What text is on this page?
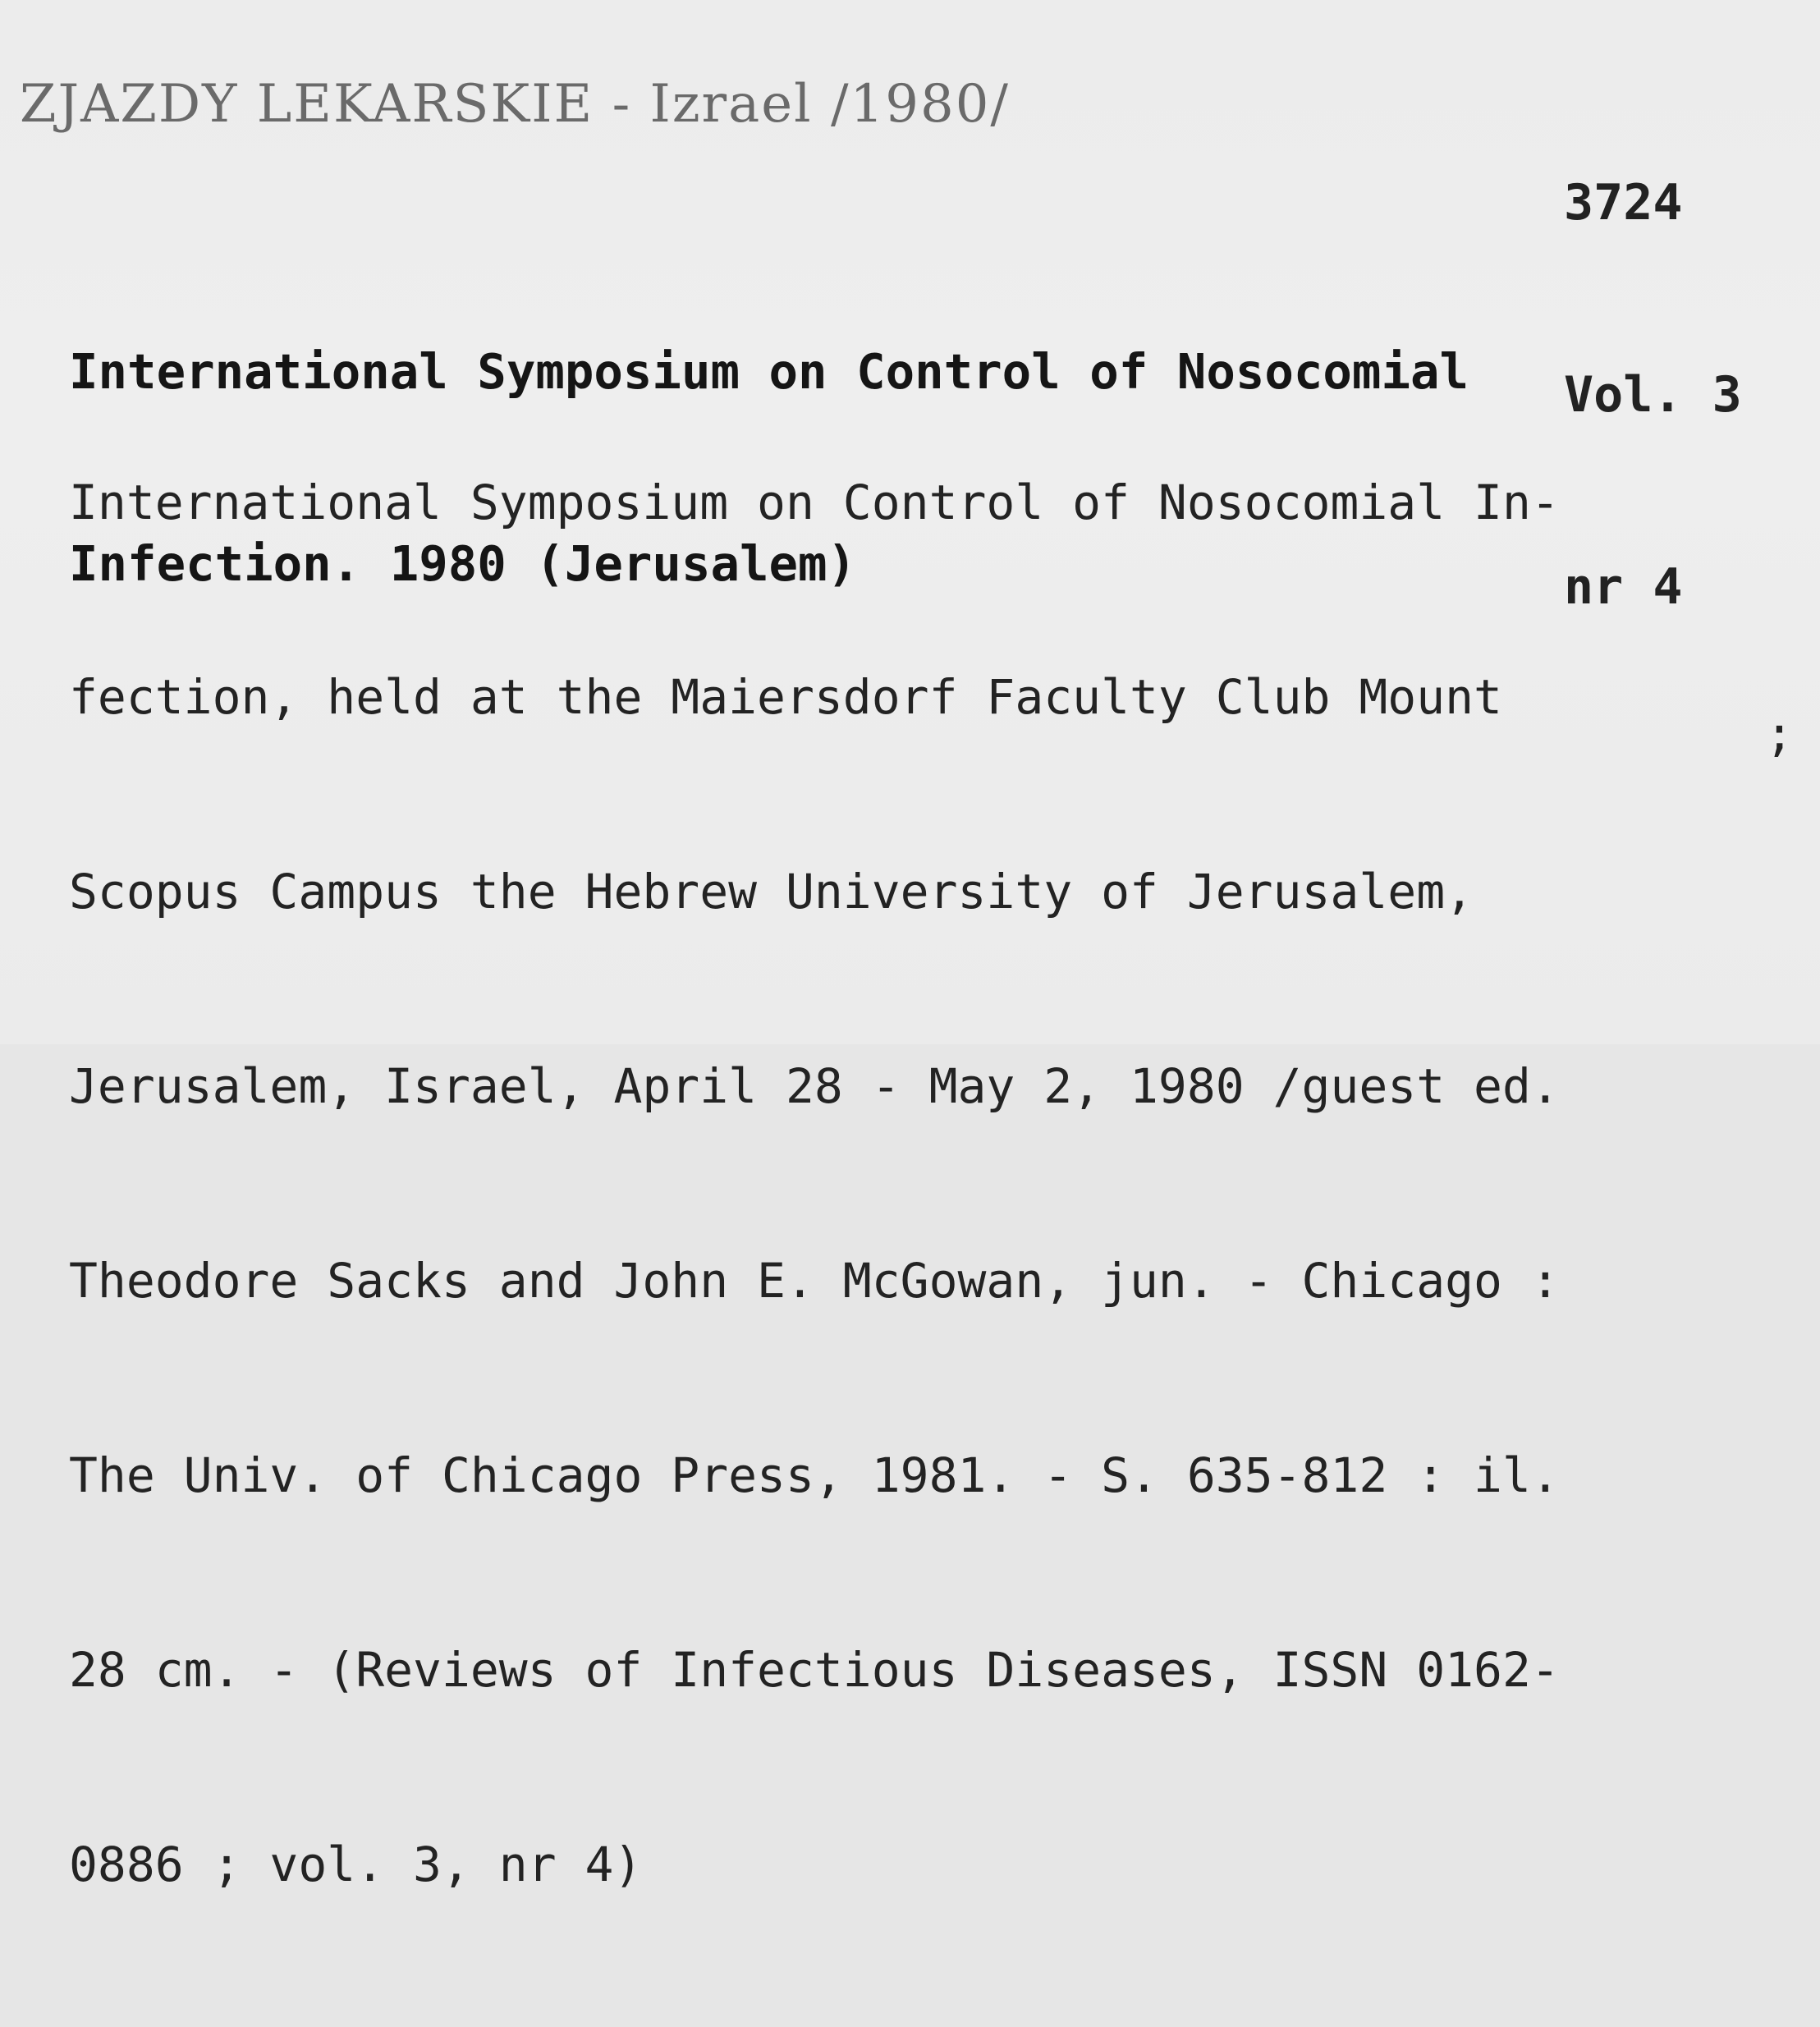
ZJAZDY LEKARSKIE - Izrael /1980/

3724

Vol. 3

nr 4

International Symposium on Control of Nosocomial

Infection. 1980 (Jerusalem)

International Symposium on Control of Nosocomial In-

fection, held at the Maiersdorf Faculty Club Mount

Scopus Campus the Hebrew University of Jerusalem,

Jerusalem, Israel, April 28 - May 2, 1980 /guest ed.

Theodore Sacks and John E. McGowan, jun. - Chicago :

The Univ. of Chicago Press, 1981. - S. 635-812 : il.

28 cm. - (Reviews of Infectious Diseases, ISSN 0162-

0886 ; vol. 3, nr 4)

;
